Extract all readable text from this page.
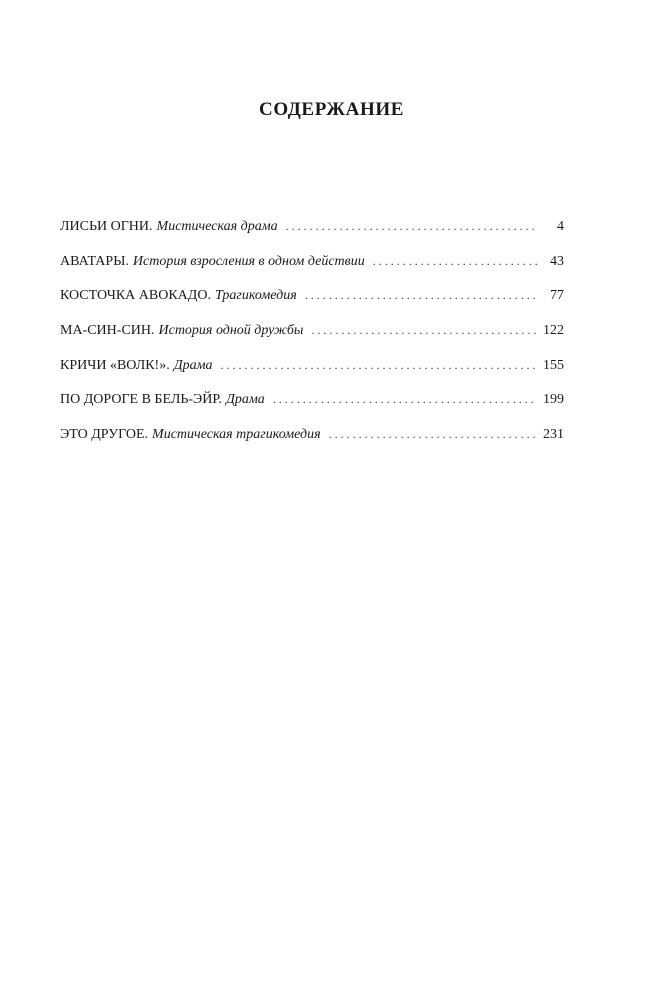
СОДЕРЖАНИЕ
ЛИСЬИ ОГНИ. Мистическая драма . . .	4
АВАТАРЫ. История взросления в одном действии . . .	43
КОСТОЧКА АВОКАДО. Трагикомедия . . .	77
МА-СИН-СИН. История одной дружбы . . .	122
КРИЧИ «ВОЛК!». Драма . . .	155
ПО ДОРОГЕ В БЕЛЬ-ЭЙР. Драма . . .	199
ЭТО ДРУГОЕ. Мистическая трагикомедия . . .	231
